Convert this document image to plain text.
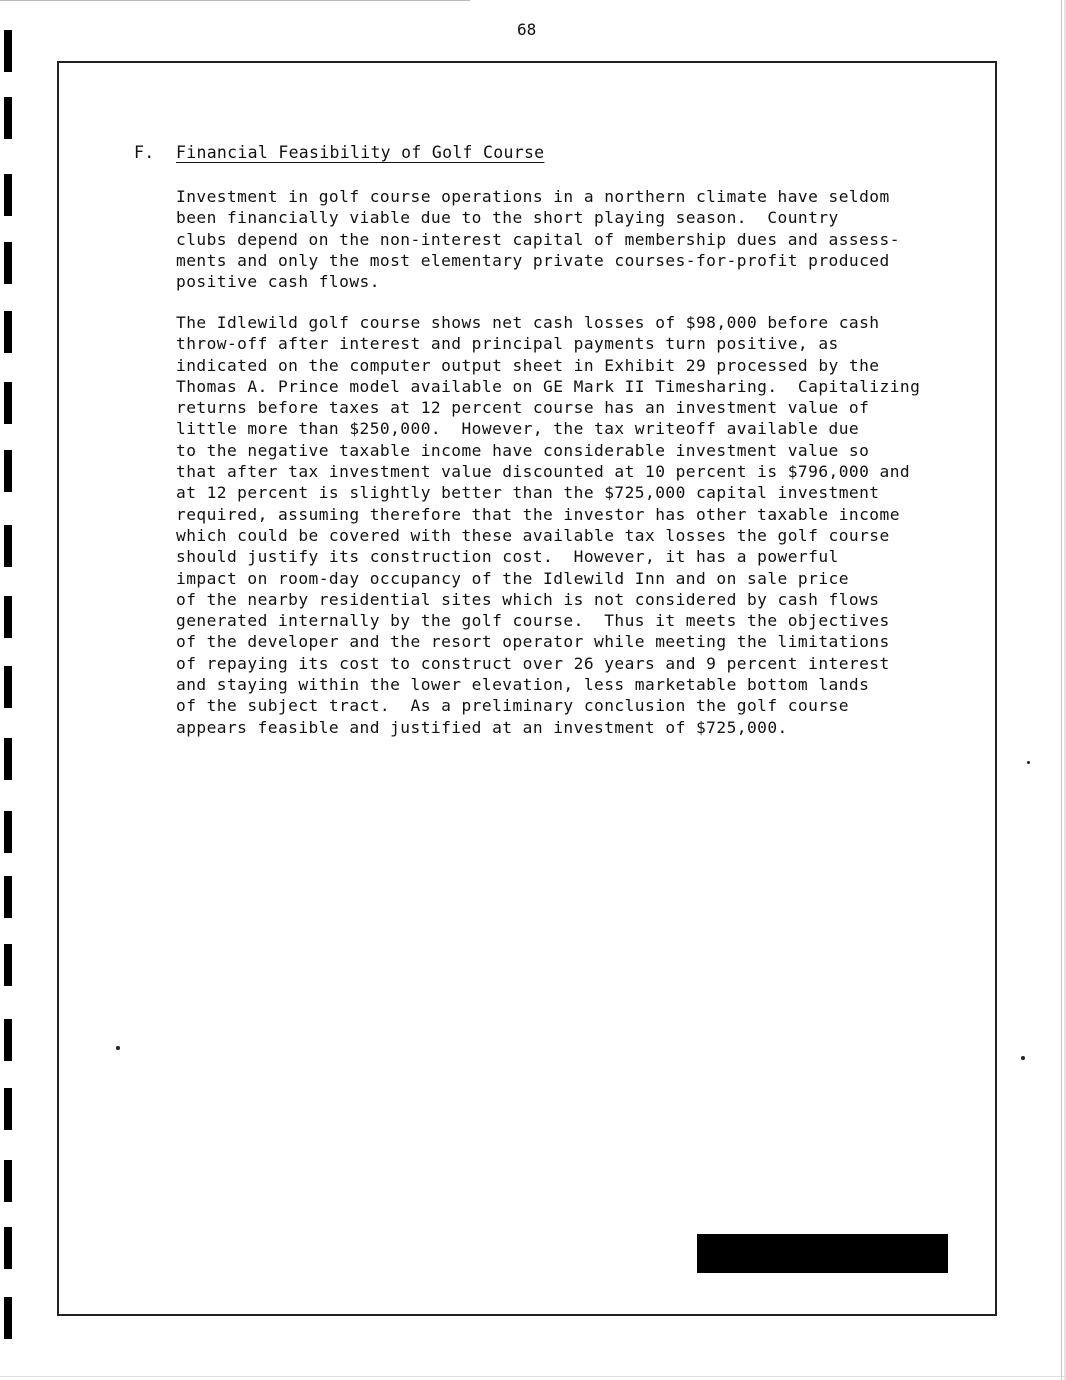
68
F. Financial Feasibility of Golf Course
Investment in golf course operations in a northern climate have seldom
been financially viable due to the short playing season.  Country
clubs depend on the non-interest capital of membership dues and assess-
ments and only the most elementary private courses-for-profit produced
positive cash flows.
The Idlewild golf course shows net cash losses of $98,000 before cash
throw-off after interest and principal payments turn positive, as
indicated on the computer output sheet in Exhibit 29 processed by the
Thomas A. Prince model available on GE Mark II Timesharing.  Capitalizing
returns before taxes at 12 percent course has an investment value of
little more than $250,000.  However, the tax writeoff available due
to the negative taxable income have considerable investment value so
that after tax investment value discounted at 10 percent is $796,000 and
at 12 percent is slightly better than the $725,000 capital investment
required, assuming therefore that the investor has other taxable income
which could be covered with these available tax losses the golf course
should justify its construction cost.  However, it has a powerful
impact on room-day occupancy of the Idlewild Inn and on sale price
of the nearby residential sites which is not considered by cash flows
generated internally by the golf course.  Thus it meets the objectives
of the developer and the resort operator while meeting the limitations
of repaying its cost to construct over 26 years and 9 percent interest
and staying within the lower elevation, less marketable bottom lands
of the subject tract.  As a preliminary conclusion the golf course
appears feasible and justified at an investment of $725,000.
